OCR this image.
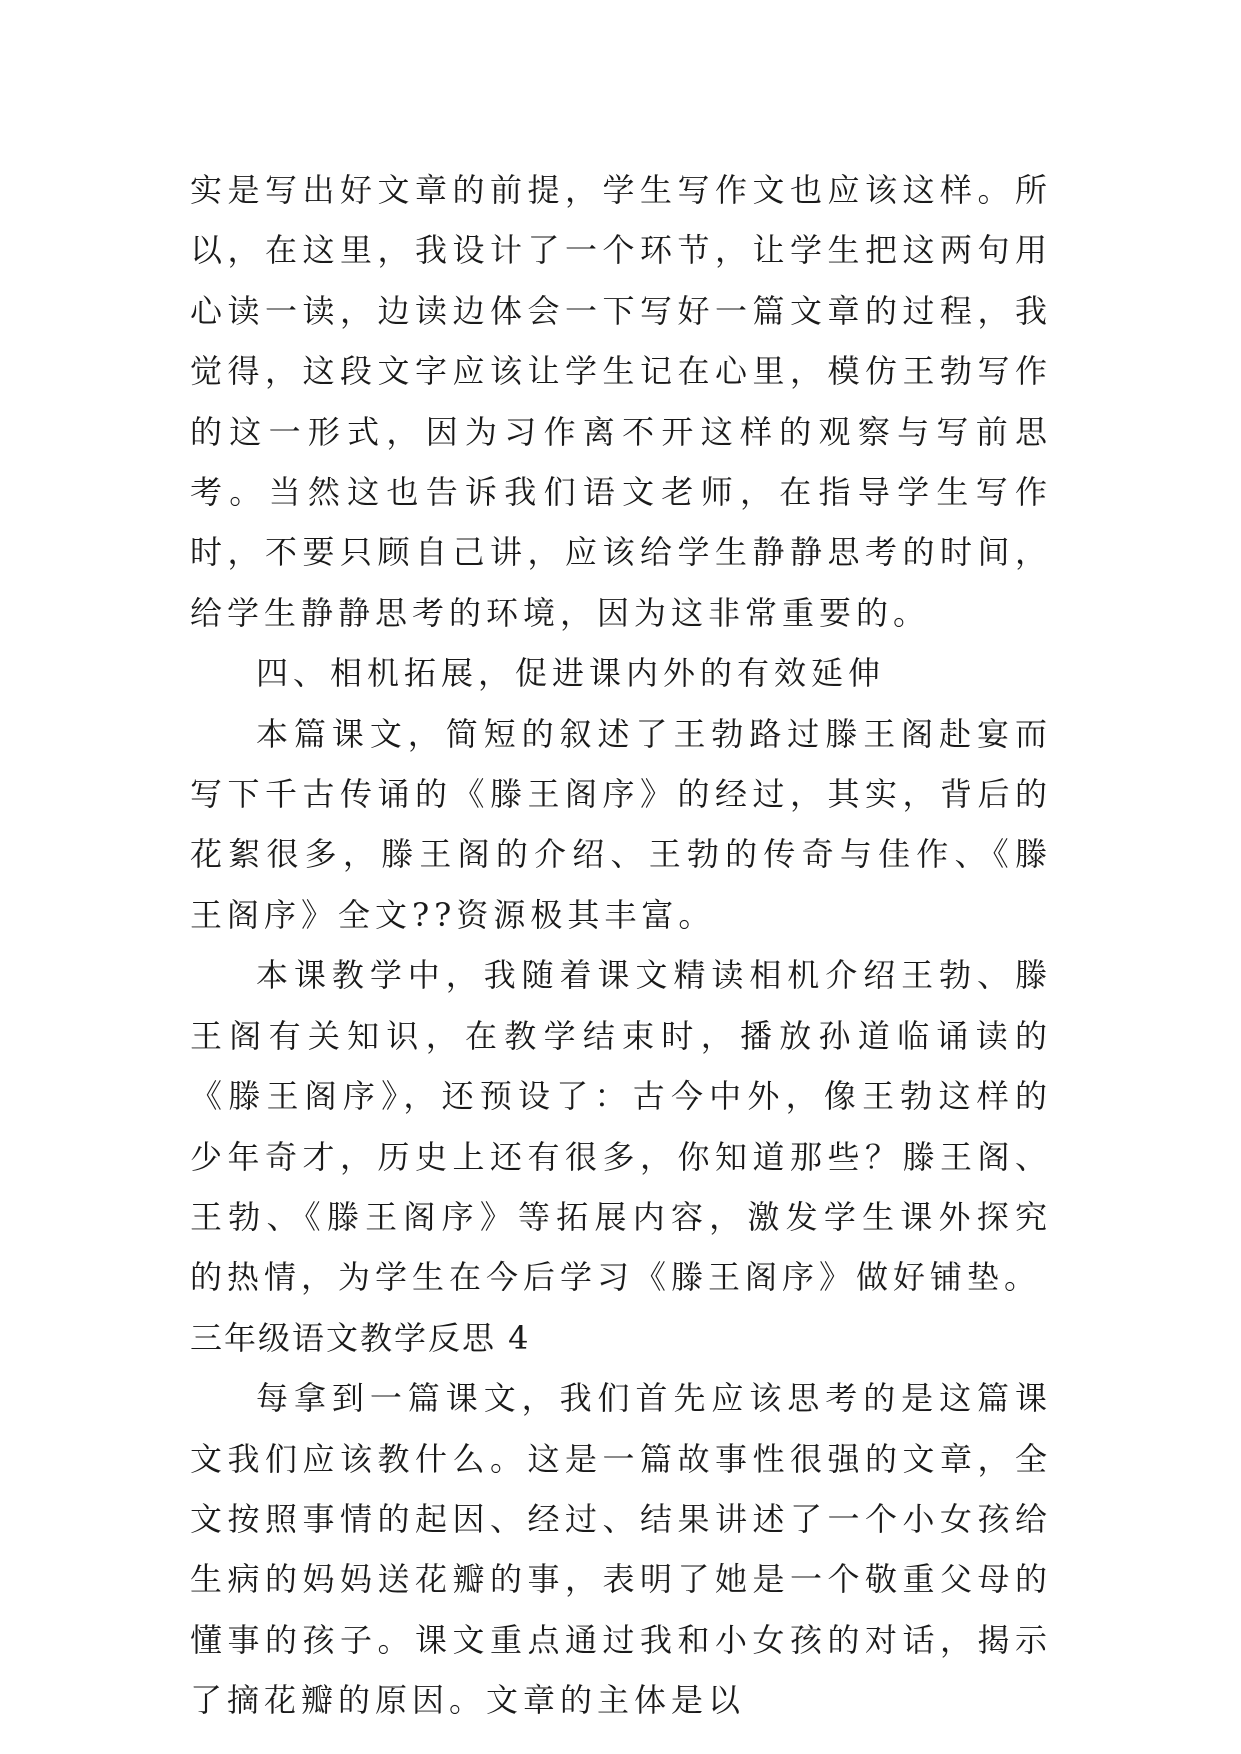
实是写出好文章的前提，学生写作文也应该这样。所以，在这里，我设计了一个环节，让学生把这两句用心读一读，边读边体会一下写好一篇文章的过程，我觉得，这段文字应该让学生记在心里，模仿王勃写作的这一形式，因为习作离不开这样的观察与写前思考。当然这也告诉我们语文老师，在指导学生写作时，不要只顾自己讲，应该给学生静静思考的时间，给学生静静思考的环境，因为这非常重要的。

四、相机拓展，促进课内外的有效延伸

本篇课文，简短的叙述了王勃路过滕王阁赴宴而写下千古传诵的《滕王阁序》的经过，其实，背后的花絮很多，滕王阁的介绍、王勃的传奇与佳作、《滕王阁序》全文??资源极其丰富。

本课教学中，我随着课文精读相机介绍王勃、滕王阁有关知识，在教学结束时，播放孙道临诵读的《滕王阁序》，还预设了：古今中外，像王勃这样的少年奇才，历史上还有很多，你知道那些？滕王阁、王勃、《滕王阁序》等拓展内容，激发学生课外探究的热情，为学生在今后学习《滕王阁序》做好铺垫。

三年级语文教学反思 4

每拿到一篇课文，我们首先应该思考的是这篇课文我们应该教什么。这是一篇故事性很强的文章，全文按照事情的起因、经过、结果讲述了一个小女孩给生病的妈妈送花瓣的事，表明了她是一个敬重父母的懂事的孩子。课文重点通过我和小女孩的对话，揭示了摘花瓣的原因。文章的主体是以
